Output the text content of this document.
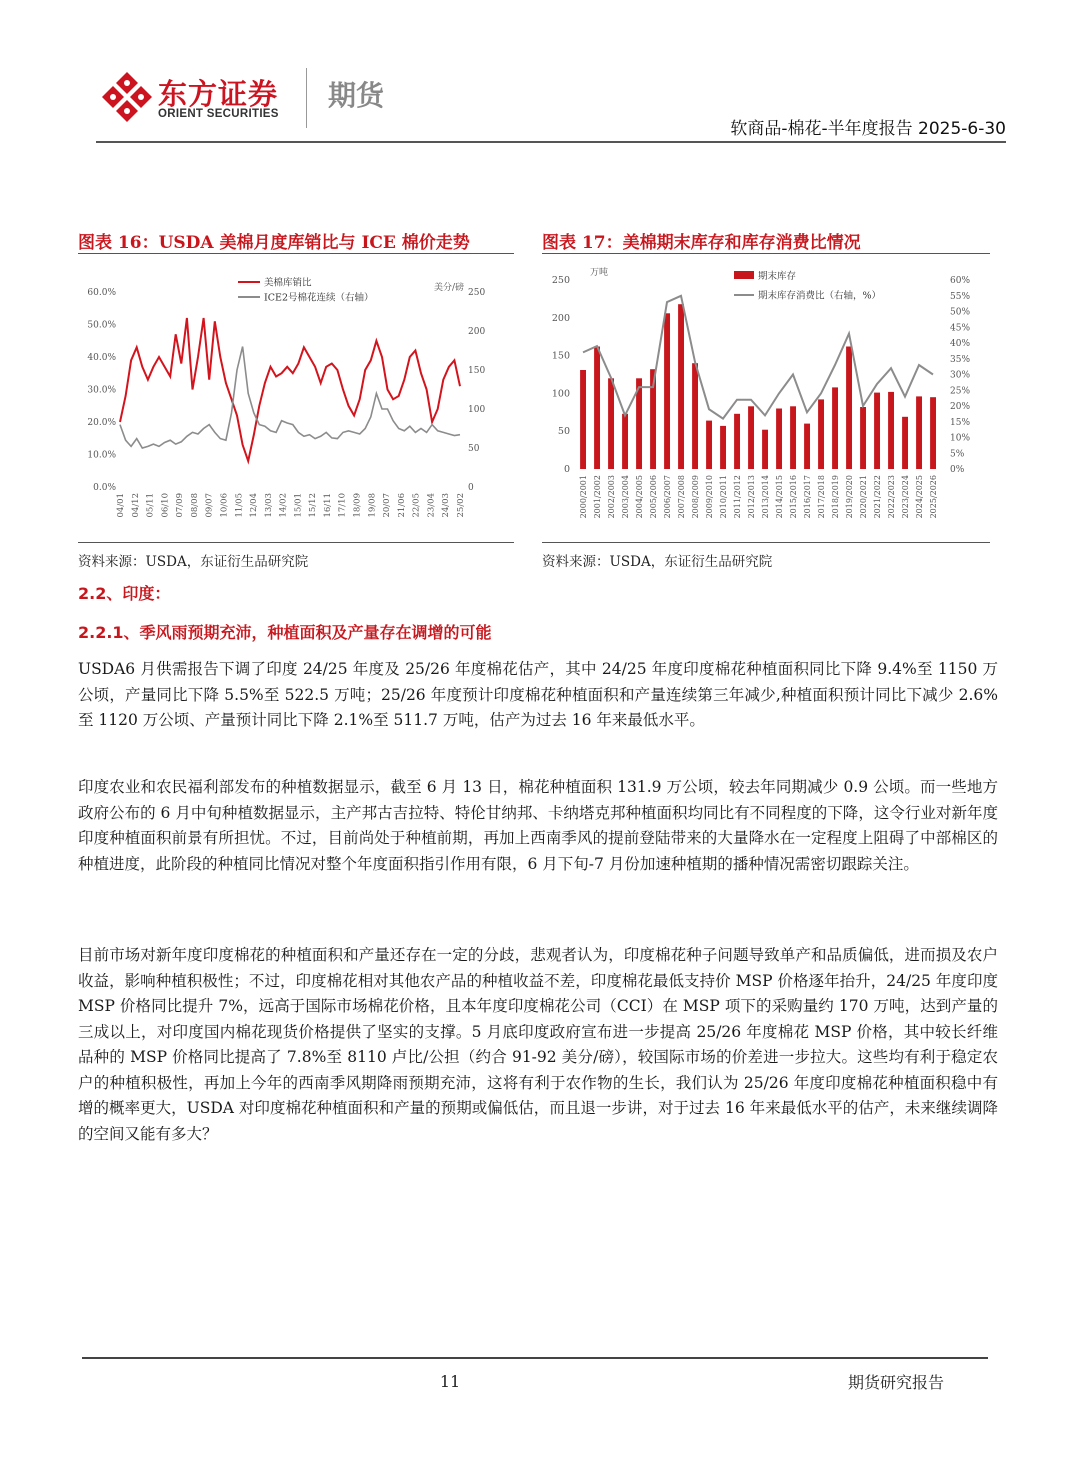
东方证券
ORIENT SECURITIES
期货
软商品-棉花-半年度报告 2025-6-30
图表 16：USDA 美棉月度库销比与 ICE 棉价走势
0.0%
10.0%
20.0%
30.0%
40.0%
50.0%
60.0%
0
50
100
150
200
250
美分/磅
04/01 04/12 05/11 06/10 07/09 08/08 09/07 10/06 11/05 12/04 13/03 14/02 15/01 15/12 16/11 17/10 18/09 19/08 20/07 21/06 22/05 23/04 24/03 25/02
美棉库销比
ICE2号棉花连续（右轴）
资料来源：USDA，东证衍生品研究院
图表 17：美棉期末库存和库存消费比情况
0
50
100
150
200
250
万吨
0%
5%
10%
15%
20%
25%
30%
35%
40%
45%
50%
55%
60%
2000/2001 2001/2002 2002/2003 2003/2004 2004/2005 2005/2006 2006/2007 2007/2008 2008/2009 2009/2010 2010/2011 2011/2012 2012/2013 2013/2014 2014/2015 2015/2016 2016/2017 2017/2018 2018/2019 2019/2020 2020/2021 2021/2022 2022/2023 2023/2024 2024/2025 2025/2026
期末库存
期末库存消费比（右轴，%）
资料来源：USDA，东证衍生品研究院
2.2、印度：
2.2.1、季风雨预期充沛，种植面积及产量存在调增的可能
USDA6 月供需报告下调了印度 24/25 年度及 25/26 年度棉花估产，其中 24/25 年度印度棉花种植面积同比下降 9.4%至 1150 万公顷，产量同比下降 5.5%至 522.5 万吨；25/26 年度预计印度棉花种植面积和产量连续第三年减少,种植面积预计同比下减少 2.6%至 1120 万公顷、产量预计同比下降 2.1%至 511.7 万吨，估产为过去 16 年来最低水平。
印度农业和农民福利部发布的种植数据显示，截至 6 月 13 日，棉花种植面积 131.9 万公顷，较去年同期减少 0.9 公顷。而一些地方政府公布的 6 月中旬种植数据显示，主产邦古吉拉特、特伦甘纳邦、卡纳塔克邦种植面积均同比有不同程度的下降，这令行业对新年度印度种植面积前景有所担忧。不过，目前尚处于种植前期，再加上西南季风的提前登陆带来的大量降水在一定程度上阻碍了中部棉区的种植进度，此阶段的种植同比情况对整个年度面积指引作用有限，6 月下旬-7 月份加速种植期的播种情况需密切跟踪关注。
目前市场对新年度印度棉花的种植面积和产量还存在一定的分歧，悲观者认为，印度棉花种子问题导致单产和品质偏低，进而损及农户收益，影响种植积极性；不过，印度棉花相对其他农产品的种植收益不差，印度棉花最低支持价 MSP 价格逐年抬升，24/25 年度印度 MSP 价格同比提升 7%，远高于国际市场棉花价格，且本年度印度棉花公司（CCI）在 MSP 项下的采购量约 170 万吨，达到产量的三成以上，对印度国内棉花现货价格提供了坚实的支撑。5 月底印度政府宣布进一步提高 25/26 年度棉花 MSP 价格，其中较长纤维品种的 MSP 价格同比提高了 7.8%至 8110 卢比/公担（约合 91-92 美分/磅），较国际市场的价差进一步拉大。这些均有利于稳定农户的种植积极性，再加上今年的西南季风期降雨预期充沛，这将有利于农作物的生长，我们认为 25/26 年度印度棉花种植面积稳中有增的概率更大，USDA 对印度棉花种植面积和产量的预期或偏低估，而且退一步讲，对于过去 16 年来最低水平的估产，未来继续调降的空间又能有多大？
11	期货研究报告
